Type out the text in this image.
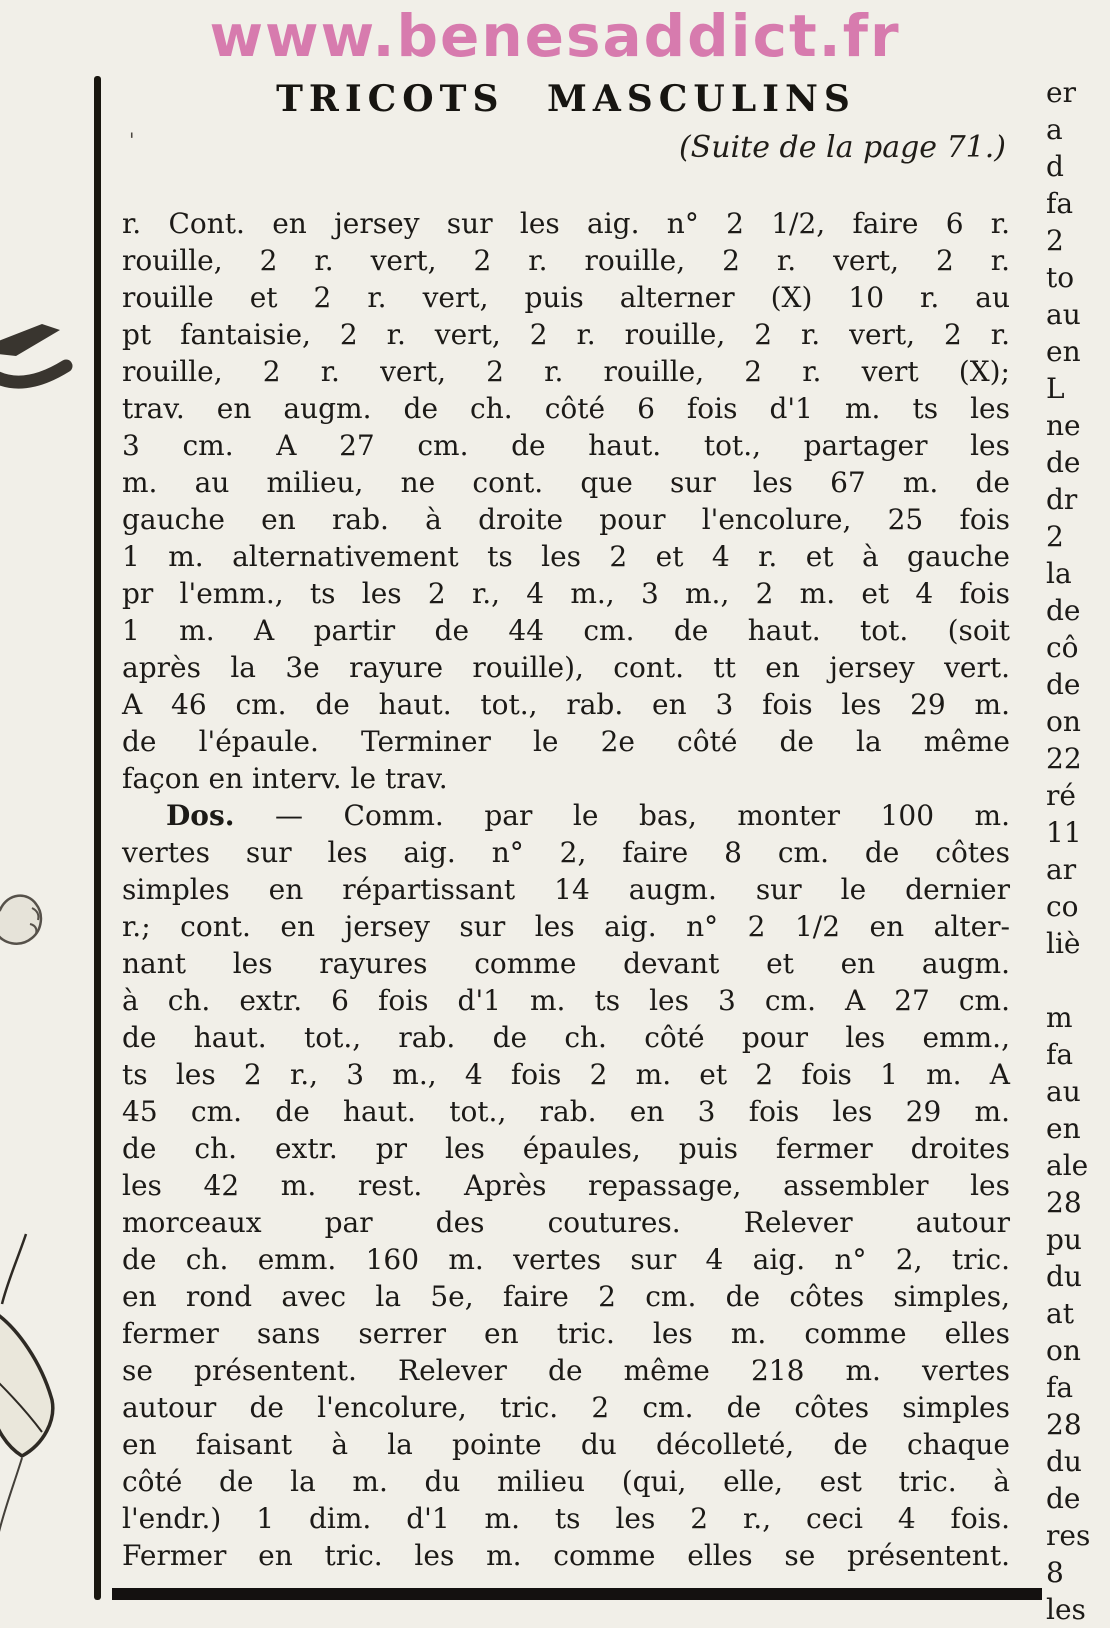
www.benesaddict.fr
'
TRICOTS MASCULINS
(Suite de la page 71.)
r. Cont. en jersey sur les aig. n° 2 1/2, faire 6 r.
rouille, 2 r. vert, 2 r. rouille, 2 r. vert, 2 r.
rouille et 2 r. vert, puis alterner (X) 10 r. au
pt fantaisie, 2 r. vert, 2 r. rouille, 2 r. vert, 2 r.
rouille, 2 r. vert, 2 r. rouille, 2 r. vert (X);
trav. en augm. de ch. côté 6 fois d'1 m. ts les
3 cm. A 27 cm. de haut. tot., partager les
m. au milieu, ne cont. que sur les 67 m. de
gauche en rab. à droite pour l'encolure, 25 fois
1 m. alternativement ts les 2 et 4 r. et à gauche
pr l'emm., ts les 2 r., 4 m., 3 m., 2 m. et 4 fois
1 m. A partir de 44 cm. de haut. tot. (soit
après la 3e rayure rouille), cont. tt en jersey vert.
A 46 cm. de haut. tot., rab. en 3 fois les 29 m.
de l'épaule. Terminer le 2e côté de la même
façon en interv. le trav.
Dos. — Comm. par le bas, monter 100 m.
vertes sur les aig. n° 2, faire 8 cm. de côtes
simples en répartissant 14 augm. sur le dernier
r.; cont. en jersey sur les aig. n° 2 1/2 en alter-
nant les rayures comme devant et en augm.
à ch. extr. 6 fois d'1 m. ts les 3 cm. A 27 cm.
de haut. tot., rab. de ch. côté pour les emm.,
ts les 2 r., 3 m., 4 fois 2 m. et 2 fois 1 m. A
45 cm. de haut. tot., rab. en 3 fois les 29 m.
de ch. extr. pr les épaules, puis fermer droites
les 42 m. rest. Après repassage, assembler les
morceaux par des coutures. Relever autour
de ch. emm. 160 m. vertes sur 4 aig. n° 2, tric.
en rond avec la 5e, faire 2 cm. de côtes simples,
fermer sans serrer en tric. les m. comme elles
se présentent. Relever de même 218 m. vertes
autour de l'encolure, tric. 2 cm. de côtes simples
en faisant à la pointe du décolleté, de chaque
côté de la m. du milieu (qui, elle, est tric. à
l'endr.) 1 dim. d'1 m. ts les 2 r., ceci 4 fois.
Fermer en tric. les m. comme elles se présentent.
er
a
d
fa
2
to
au
en
L
ne
de
dr
2
la
de
cô
de
on
22
ré
11
ar
co
liè

m
fa
au
en
ale
28
pu
du
at
on
fa
28
du
de
res
8
les
